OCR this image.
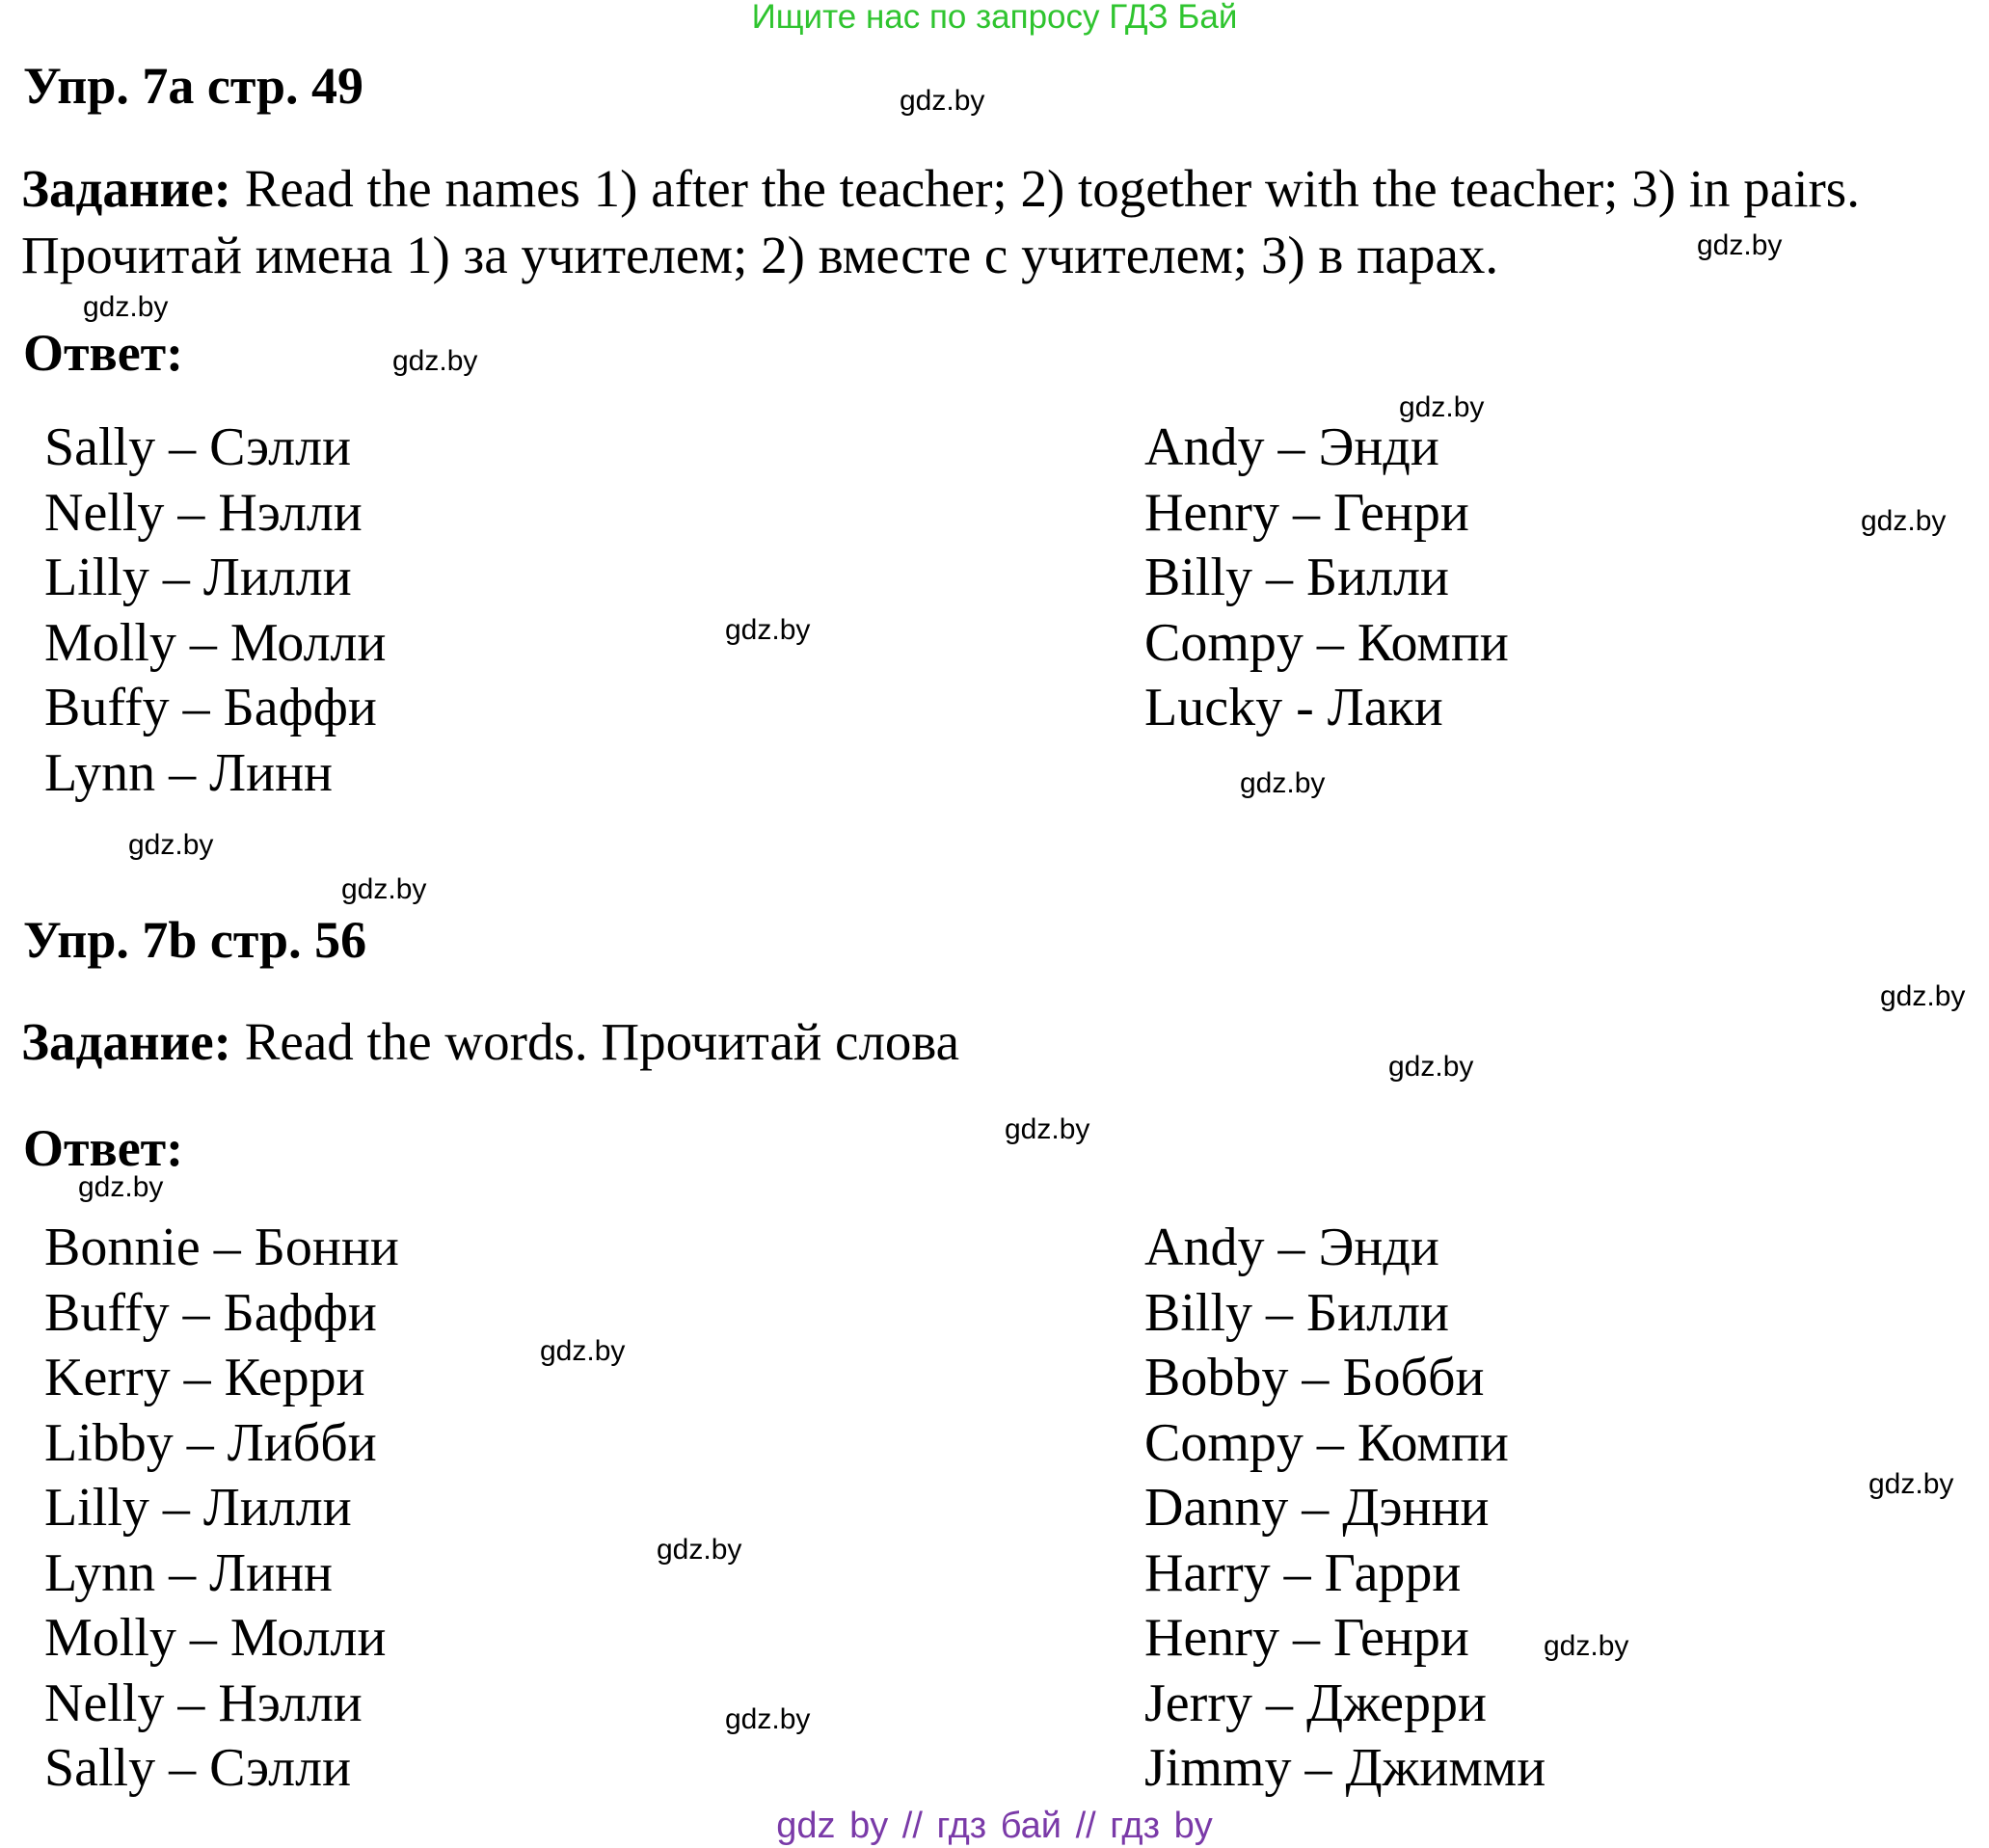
Ищите нас по запросу ГДЗ Бай
Упр. 7а стр. 49
Задание: Read the names 1) after the teacher; 2) together with the teacher; 3) in pairs.
Прочитай имена 1) за учителем; 2) вместе с учителем; 3) в парах.
Ответ:
Sally – Сэлли
Nelly – Нэлли
Lilly – Лилли
Molly – Молли
Buffy – Баффи
Lynn – Линн
Andy – Энди
Henry – Генри
Billy – Билли
Compy – Компи
Lucky - Лаки
Упр. 7b стр. 56
Задание: Read the words. Прочитай слова
Ответ:
Bonnie – Бонни
Buffy – Баффи
Kerry – Керри
Libby – Либби
Lilly – Лилли
Lynn – Линн
Molly – Молли
Nelly – Нэлли
Sally – Сэлли
Andy – Энди
Billy – Билли
Bobby – Бобби
Compy – Компи
Danny – Дэнни
Harry – Гарри
Henry – Генри
Jerry – Джерри
Jimmy – Джимми
gdz.by
gdz.by
gdz.by
gdz.by
gdz.by
gdz.by
gdz.by
gdz.by
gdz.by
gdz.by
gdz.by
gdz.by
gdz.by
gdz.by
gdz.by
gdz.by
gdz.by
gdz.by
gdz.by
gdz by // гдз бай // гдз by
